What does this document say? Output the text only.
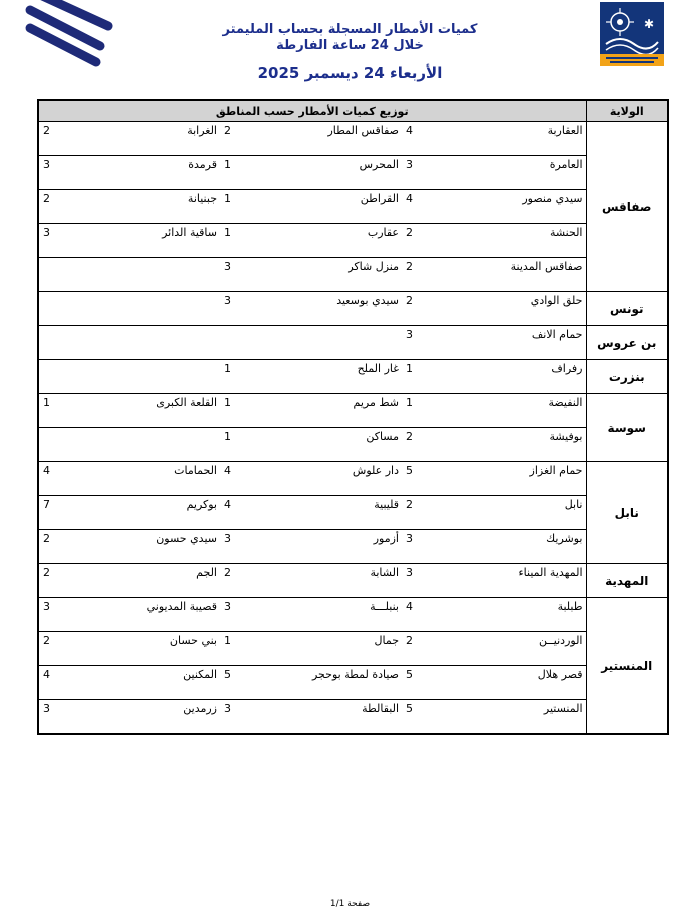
✱
كميات الأمطار المسجلة بحساب المليمتر
خلال 24 ساعة الفارطة
الأربعاء 24 ديسمبر 2025
توزيع كميات الأمطار حسب المناطق						الولاية
2	الغرابة	2	صفاقس المطار	4	العقاربة	صفاقس
3	قرمدة	1	المحرس	3	العامرة	
2	جبنيانة	1	القراطن	4	سيدي منصور	
3	ساقية الدائر	1	عقارب	2	الحنشة	
		3	منزل شاكر	2	صفاقس المدينة	
		3	سيدي بوسعيد	2	حلق الوادي	تونس
				3	حمام الانف	بن عروس
		1	غار الملح	1	رفراف	بنزرت
1	القلعة الكبرى	1	شط مريم	1	النفيضة	سوسة
		1	مساكن	2	بوفيشة	
4	الحمامات	4	دار علوش	5	حمام الغزاز	نابل
7	بوكريم	4	قليبية	2	نابل	
2	سيدي حسون	3	أزمور	3	بوشريك	
2	الجم	2	الشابة	3	المهدية الميناء	المهدية
3	قصيبة المديوني	3	بنبلـــة	4	طبلبة	المنستير
2	بني حسان	1	جمال	2	الوردنيــن	
4	المكنين	5	صيادة لمطة بوحجر	5	قصر هلال	
3	زرمدين	3	البقالطة	5	المنستير	
صفحة 1/1
